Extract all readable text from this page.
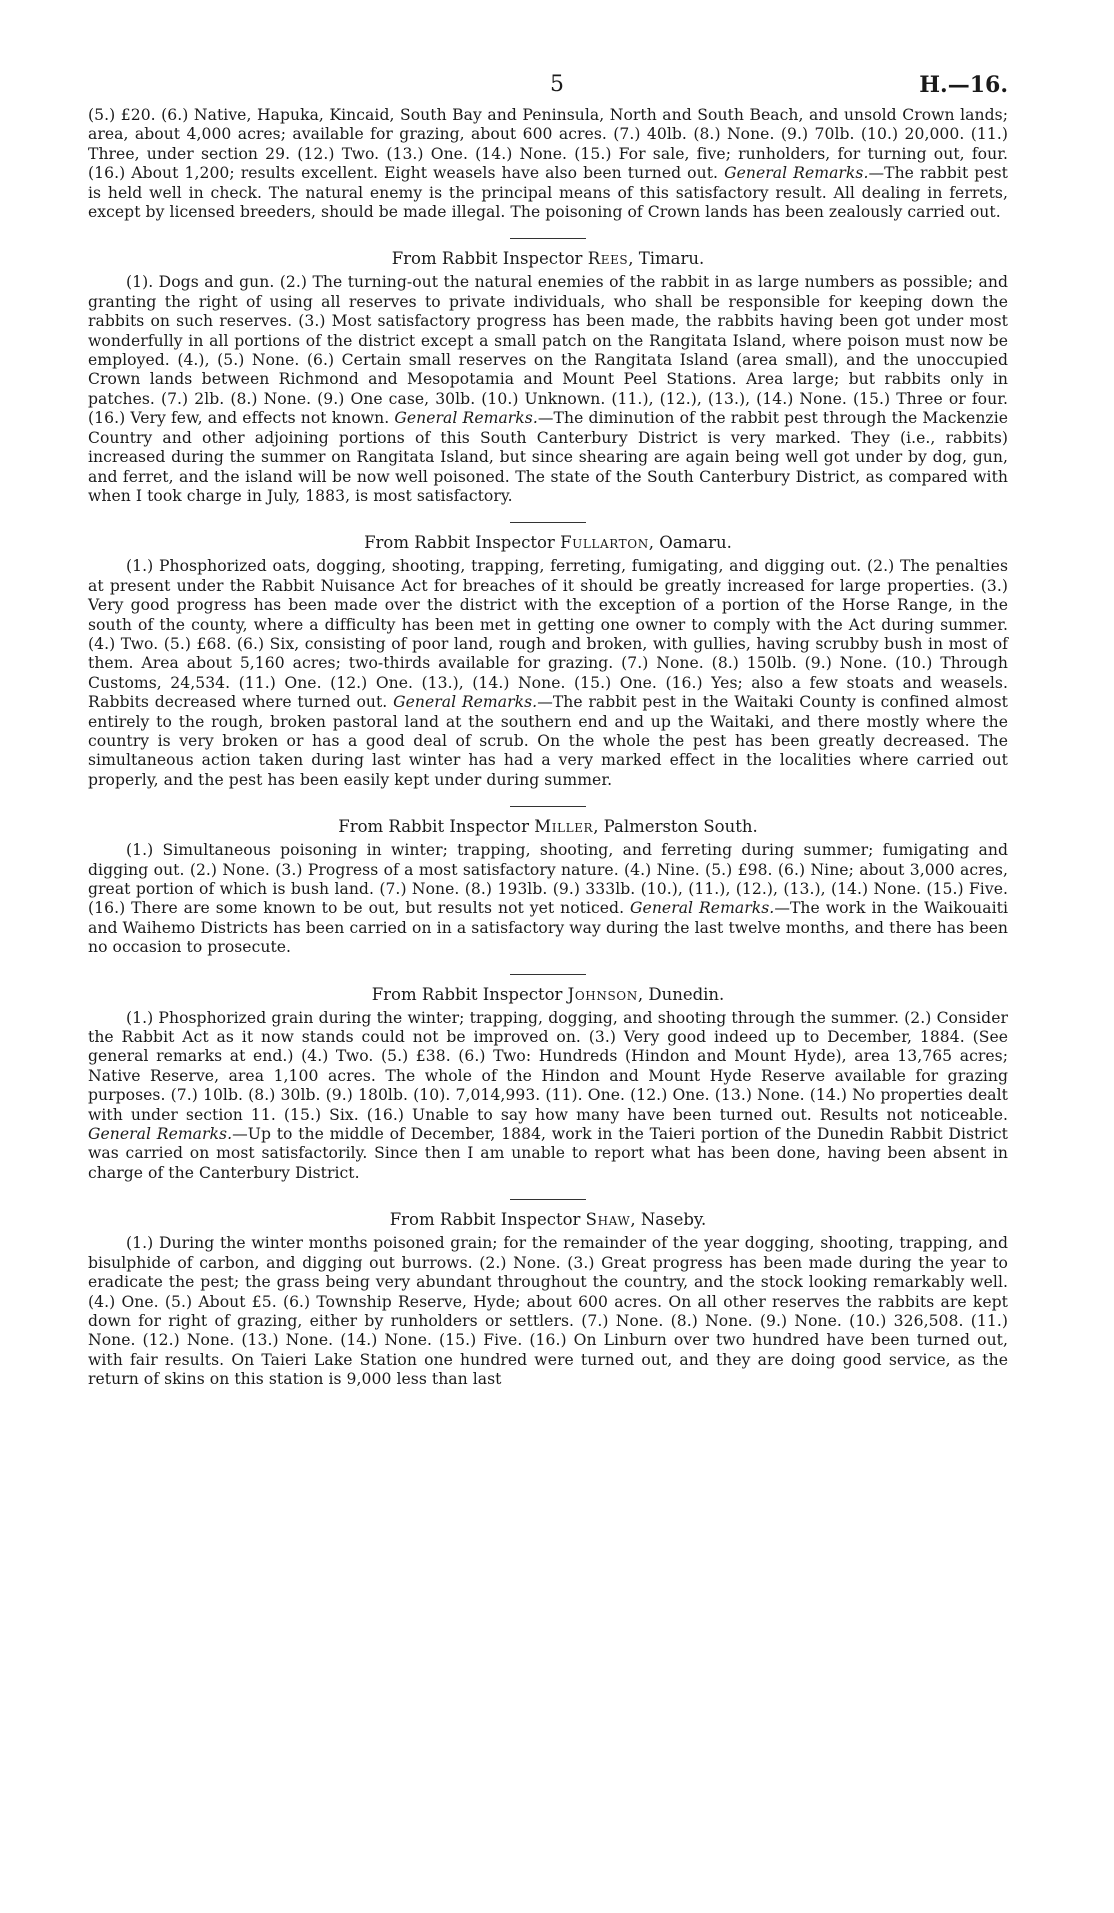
5	H.—16.

(5.) £20. (6.) Native, Hapuka, Kincaid, South Bay and Peninsula, North and South Beach, and unsold Crown lands; area, about 4,000 acres; available for grazing, about 600 acres. (7.) 40lb. (8.) None. (9.) 70lb. (10.) 20,000. (11.) Three, under section 29. (12.) Two. (13.) One. (14.) None. (15.) For sale, five; runholders, for turning out, four. (16.) About 1,200; results excellent. Eight weasels have also been turned out. General Remarks.—The rabbit pest is held well in check. The natural enemy is the principal means of this satisfactory result. All dealing in ferrets, except by licensed breeders, should be made illegal. The poisoning of Crown lands has been zealously carried out.

From Rabbit Inspector Rees, Timaru.

(1). Dogs and gun. (2.) The turning-out the natural enemies of the rabbit in as large numbers as possible; and granting the right of using all reserves to private individuals, who shall be responsible for keeping down the rabbits on such reserves. (3.) Most satisfactory progress has been made, the rabbits having been got under most wonderfully in all portions of the district except a small patch on the Rangitata Island, where poison must now be employed. (4.), (5.) None. (6.) Certain small reserves on the Rangitata Island (area small), and the unoccupied Crown lands between Richmond and Mesopotamia and Mount Peel Stations. Area large; but rabbits only in patches. (7.) 2lb. (8.) None. (9.) One case, 30lb. (10.) Unknown. (11.), (12.), (13.), (14.) None. (15.) Three or four. (16.) Very few, and effects not known. General Remarks.—The diminution of the rabbit pest through the Mackenzie Country and other adjoining portions of this South Canterbury District is very marked. They (i.e., rabbits) increased during the summer on Rangitata Island, but since shearing are again being well got under by dog, gun, and ferret, and the island will be now well poisoned. The state of the South Canterbury District, as compared with when I took charge in July, 1883, is most satisfactory.

From Rabbit Inspector Fullarton, Oamaru.

(1.) Phosphorized oats, dogging, shooting, trapping, ferreting, fumigating, and digging out. (2.) The penalties at present under the Rabbit Nuisance Act for breaches of it should be greatly increased for large properties. (3.) Very good progress has been made over the district with the exception of a portion of the Horse Range, in the south of the county, where a difficulty has been met in getting one owner to comply with the Act during summer. (4.) Two. (5.) £68. (6.) Six, consisting of poor land, rough and broken, with gullies, having scrubby bush in most of them. Area about 5,160 acres; two-thirds available for grazing. (7.) None. (8.) 150lb. (9.) None. (10.) Through Customs, 24,534. (11.) One. (12.) One. (13.), (14.) None. (15.) One. (16.) Yes; also a few stoats and weasels. Rabbits decreased where turned out. General Remarks.—The rabbit pest in the Waitaki County is confined almost entirely to the rough, broken pastoral land at the southern end and up the Waitaki, and there mostly where the country is very broken or has a good deal of scrub. On the whole the pest has been greatly decreased. The simultaneous action taken during last winter has had a very marked effect in the localities where carried out properly, and the pest has been easily kept under during summer.

From Rabbit Inspector Miller, Palmerston South.

(1.) Simultaneous poisoning in winter; trapping, shooting, and ferreting during summer; fumigating and digging out. (2.) None. (3.) Progress of a most satisfactory nature. (4.) Nine. (5.) £98. (6.) Nine; about 3,000 acres, great portion of which is bush land. (7.) None. (8.) 193lb. (9.) 333lb. (10.), (11.), (12.), (13.), (14.) None. (15.) Five. (16.) There are some known to be out, but results not yet noticed. General Remarks.—The work in the Waikouaiti and Waihemo Districts has been carried on in a satisfactory way during the last twelve months, and there has been no occasion to prosecute.

From Rabbit Inspector Johnson, Dunedin.

(1.) Phosphorized grain during the winter; trapping, dogging, and shooting through the summer. (2.) Consider the Rabbit Act as it now stands could not be improved on. (3.) Very good indeed up to December, 1884. (See general remarks at end.) (4.) Two. (5.) £38. (6.) Two: Hundreds (Hindon and Mount Hyde), area 13,765 acres; Native Reserve, area 1,100 acres. The whole of the Hindon and Mount Hyde Reserve available for grazing purposes. (7.) 10lb. (8.) 30lb. (9.) 180lb. (10). 7,014,993. (11). One. (12.) One. (13.) None. (14.) No properties dealt with under section 11. (15.) Six. (16.) Unable to say how many have been turned out. Results not noticeable. General Remarks.—Up to the middle of December, 1884, work in the Taieri portion of the Dunedin Rabbit District was carried on most satisfactorily. Since then I am unable to report what has been done, having been absent in charge of the Canterbury District.

From Rabbit Inspector Shaw, Naseby.

(1.) During the winter months poisoned grain; for the remainder of the year dogging, shooting, trapping, and bisulphide of carbon, and digging out burrows. (2.) None. (3.) Great progress has been made during the year to eradicate the pest; the grass being very abundant throughout the country, and the stock looking remarkably well. (4.) One. (5.) About £5. (6.) Township Reserve, Hyde; about 600 acres. On all other reserves the rabbits are kept down for right of grazing, either by runholders or settlers. (7.) None. (8.) None. (9.) None. (10.) 326,508. (11.) None. (12.) None. (13.) None. (14.) None. (15.) Five. (16.) On Linburn over two hundred have been turned out, with fair results. On Taieri Lake Station one hundred were turned out, and they are doing good service, as the return of skins on this station is 9,000 less than last
